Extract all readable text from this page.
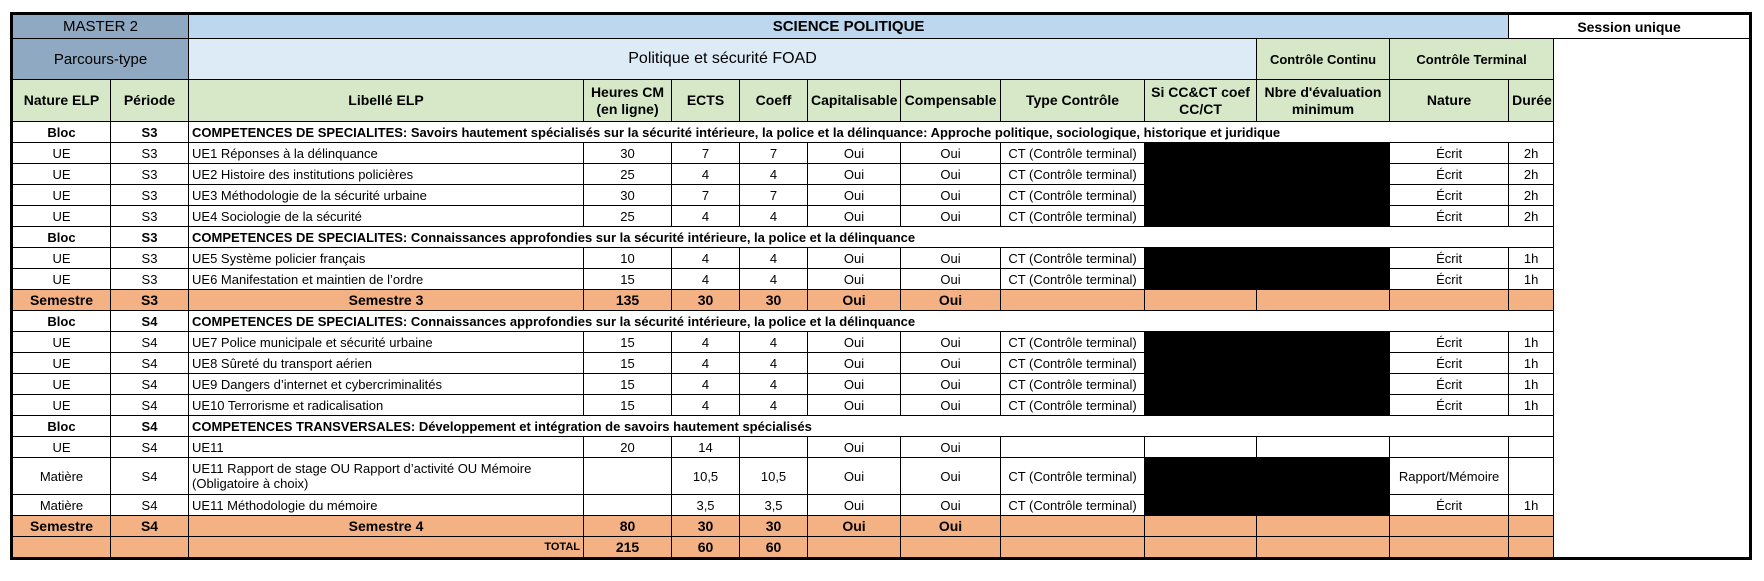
MASTER 2		SCIENCE POLITIQUE										Session unique
Parcours-type		Politique et sécurité FOAD								Contrôle Continu	Contrôle Terminal	
Nature ELP	Période	Libellé ELP	Heures CM (en ligne)	ECTS	Coeff	Capitalisable	Compensable	Type Contrôle	Si CC&CT coef CC/CT	Nbre d'évaluation minimum	Nature	Durée
Bloc	S3	COMPETENCES DE SPECIALITES: Savoirs hautement spécialisés sur la sécurité intérieure, la police et la délinquance: Approche politique, sociologique, historique et juridique										
UE	S3	UE1 Réponses à la délinquance	30	7	7	Oui	Oui	CT (Contrôle terminal)			Écrit	2h
UE	S3	UE2 Histoire des institutions policières	25	4	4	Oui	Oui	CT (Contrôle terminal)			Écrit	2h
UE	S3	UE3 Méthodologie de la sécurité urbaine	30	7	7	Oui	Oui	CT (Contrôle terminal)			Écrit	2h
UE	S3	UE4 Sociologie de la sécurité	25	4	4	Oui	Oui	CT (Contrôle terminal)			Écrit	2h
Bloc	S3	COMPETENCES DE SPECIALITES: Connaissances approfondies sur la sécurité intérieure, la police et la délinquance										
UE	S3	UE5 Système policier français	10	4	4	Oui	Oui	CT (Contrôle terminal)			Écrit	1h
UE	S3	UE6 Manifestation et maintien de l’ordre	15	4	4	Oui	Oui	CT (Contrôle terminal)			Écrit	1h
Semestre	S3	Semestre 3	135	30	30	Oui	Oui					
Bloc	S4	COMPETENCES DE SPECIALITES: Connaissances approfondies sur la sécurité intérieure, la police et la délinquance										
UE	S4	UE7 Police municipale et sécurité urbaine	15	4	4	Oui	Oui	CT (Contrôle terminal)			Écrit	1h
UE	S4	UE8 Sûreté du transport aérien	15	4	4	Oui	Oui	CT (Contrôle terminal)			Écrit	1h
UE	S4	UE9 Dangers d’internet et cybercriminalités	15	4	4	Oui	Oui	CT (Contrôle terminal)			Écrit	1h
UE	S4	UE10 Terrorisme et radicalisation	15	4	4	Oui	Oui	CT (Contrôle terminal)			Écrit	1h
Bloc	S4	COMPETENCES TRANSVERSALES: Développement et intégration de savoirs hautement spécialisés										
UE	S4	UE11	20	14		Oui	Oui					
Matière	S4	UE11 Rapport de stage OU Rapport d’activité OU Mémoire (Obligatoire à choix)		10,5	10,5	Oui	Oui	CT (Contrôle terminal)			Rapport/Mémoire	
Matière	S4	UE11 Méthodologie du mémoire		3,5	3,5	Oui	Oui	CT (Contrôle terminal)			Écrit	1h
Semestre	S4	Semestre 4	80	30	30	Oui	Oui					
		TOTAL	215	60	60							
